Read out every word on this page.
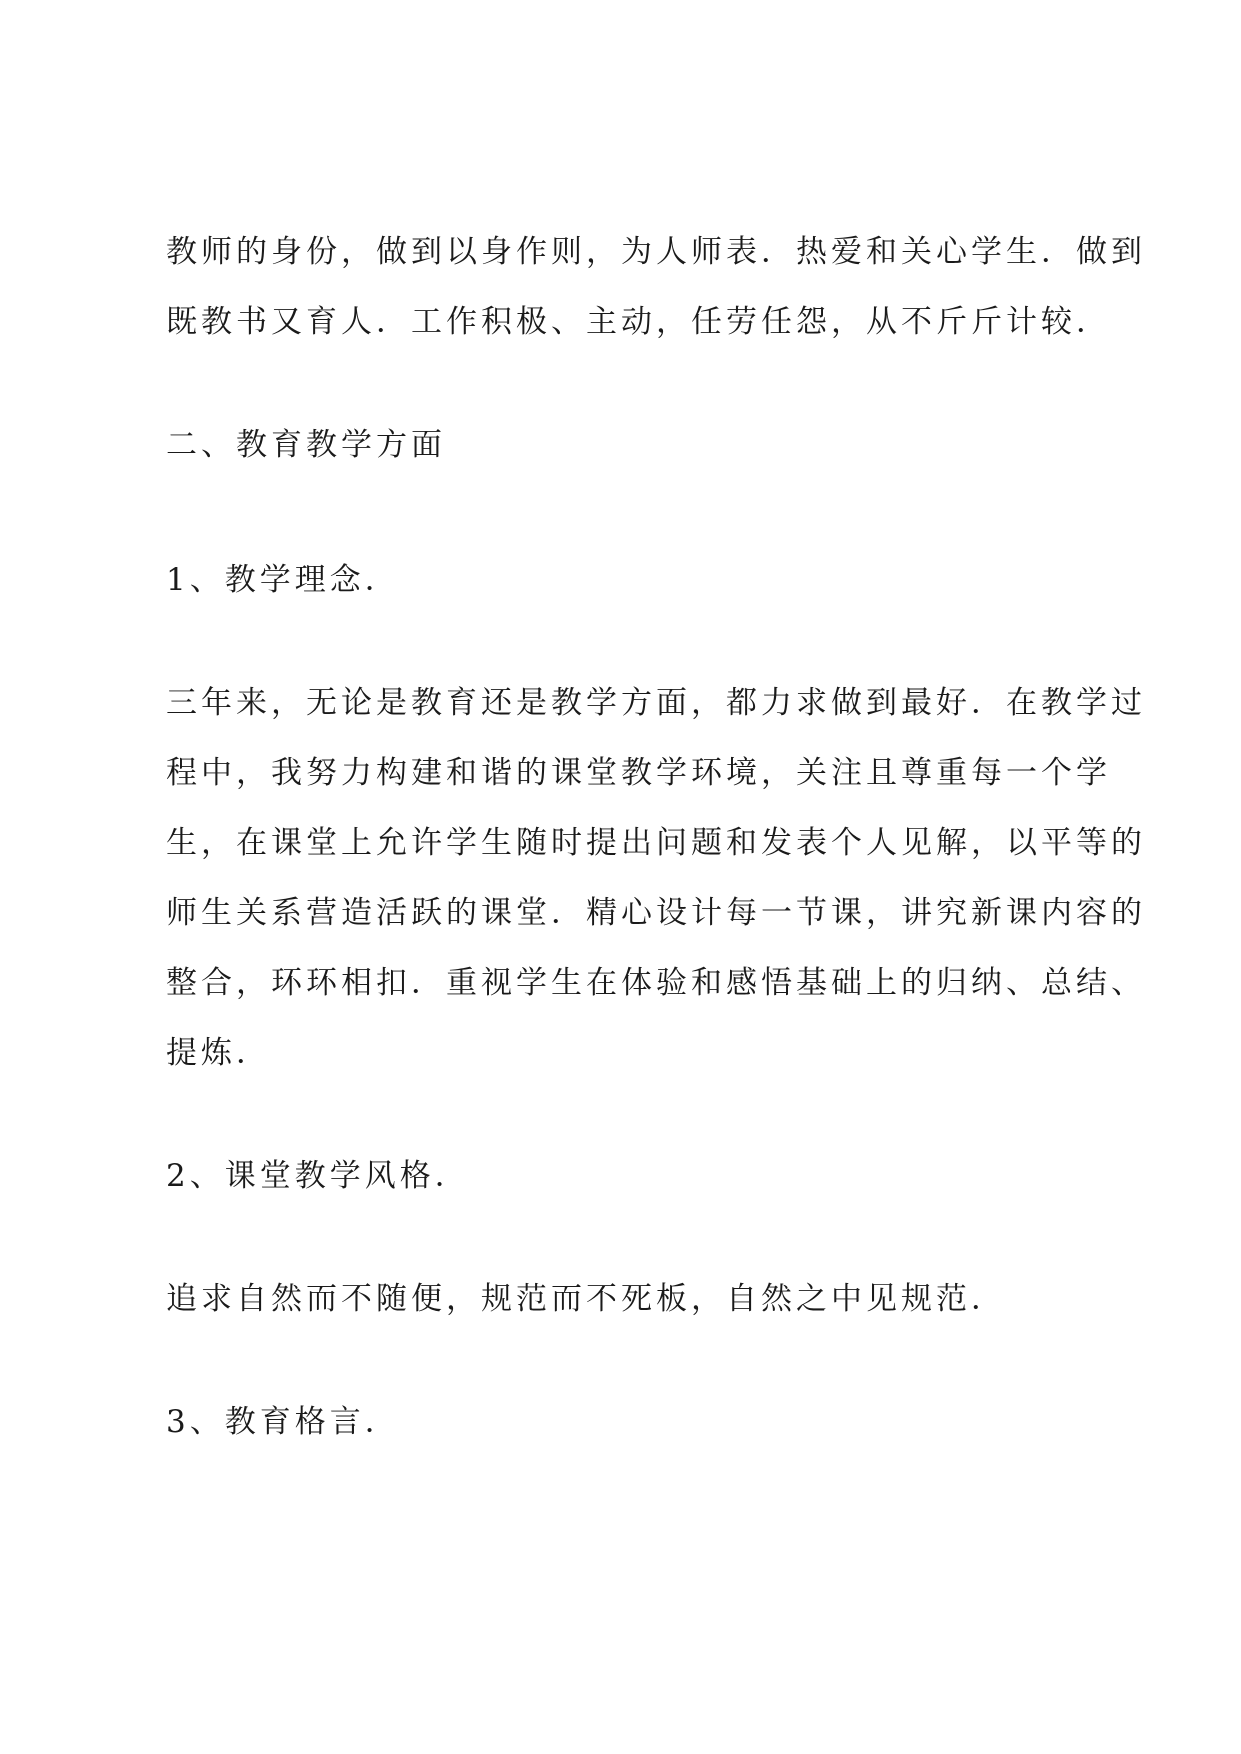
教师的身份，做到以身作则，为人师表．热爱和关心学生．做到
既教书又育人．工作积极、主动，任劳任怨，从不斤斤计较．
二、教育教学方面
1、教学理念．
三年来，无论是教育还是教学方面，都力求做到最好．在教学过
程中，我努力构建和谐的课堂教学环境，关注且尊重每一个学
生，在课堂上允许学生随时提出问题和发表个人见解，以平等的
师生关系营造活跃的课堂．精心设计每一节课，讲究新课内容的
整合，环环相扣．重视学生在体验和感悟基础上的归纳、总结、
提炼．
2、课堂教学风格．
追求自然而不随便，规范而不死板，自然之中见规范．
3、教育格言．
